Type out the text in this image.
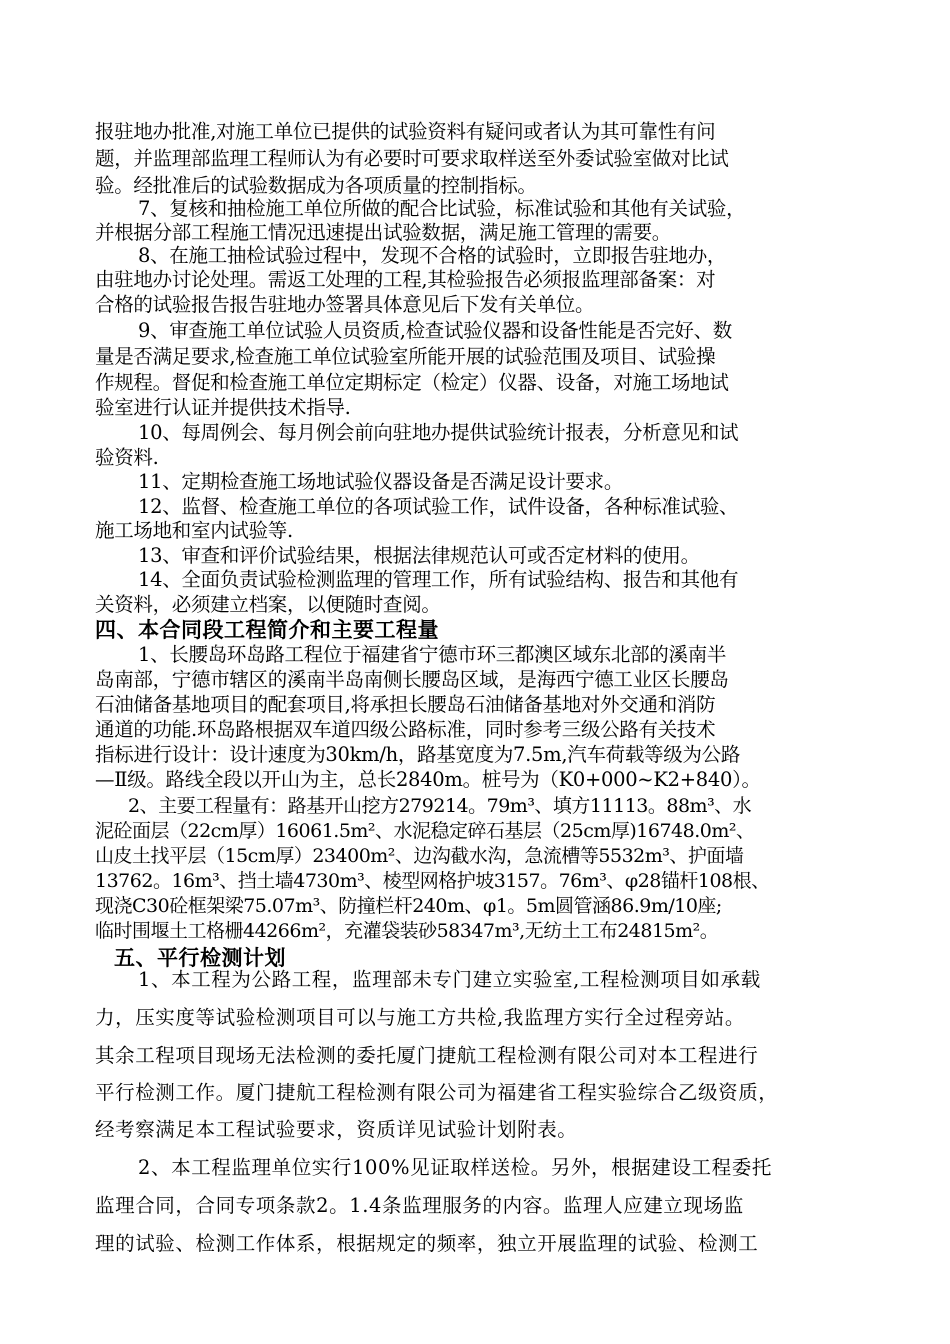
报驻地办批准,对施工单位已提供的试验资料有疑问或者认为其可靠性有问
题，并监理部监理工程师认为有必要时可要求取样送至外委试验室做对比试
验。经批准后的试验数据成为各项质量的控制指标。
7、复核和抽检施工单位所做的配合比试验，标准试验和其他有关试验，
并根据分部工程施工情况迅速提出试验数据，满足施工管理的需要。
8、在施工抽检试验过程中，发现不合格的试验时，立即报告驻地办，
由驻地办讨论处理。需返工处理的工程,其检验报告必须报监理部备案：对
合格的试验报告报告驻地办签署具体意见后下发有关单位。
9、审查施工单位试验人员资质,检查试验仪器和设备性能是否完好、数
量是否满足要求,检查施工单位试验室所能开展的试验范围及项目、试验操
作规程。督促和检查施工单位定期标定（检定）仪器、设备，对施工场地试
验室进行认证并提供技术指导.
10、每周例会、每月例会前向驻地办提供试验统计报表，分析意见和试
验资料.
11、定期检查施工场地试验仪器设备是否满足设计要求。
12、监督、检查施工单位的各项试验工作，试件设备，各种标准试验、
施工场地和室内试验等.
13、审查和评价试验结果，根据法律规范认可或否定材料的使用。
14、全面负责试验检测监理的管理工作，所有试验结构、报告和其他有
关资料，必须建立档案，以便随时查阅。
四、本合同段工程简介和主要工程量
1、长腰岛环岛路工程位于福建省宁德市环三都澳区域东北部的溪南半
岛南部，宁德市辖区的溪南半岛南侧长腰岛区域，是海西宁德工业区长腰岛
石油储备基地项目的配套项目,将承担长腰岛石油储备基地对外交通和消防
通道的功能.环岛路根据双车道四级公路标准，同时参考三级公路有关技术
指标进行设计：设计速度为30km/h，路基宽度为7.5m,汽车荷载等级为公路
—Ⅱ级。路线全段以开山为主，总长2840m。桩号为（K0+000~K2+840）。
2、主要工程量有：路基开山挖方279214。79m³、填方11113。88m³、水
泥砼面层（22cm厚）16061.5m²、水泥稳定碎石基层（25cm厚)16748.0m²、
山皮土找平层（15cm厚）23400m²、边沟截水沟，急流槽等5532m³、护面墙
13762。16m³、挡土墙4730m³、棱型网格护坡3157。76m³、φ28锚杆108根、
现浇C30砼框架梁75.07m³、防撞栏杆240m、φ1。5m圆管涵86.9m/10座;
临时围堰土工格栅44266m²，充灌袋装砂58347m³,无纺土工布24815m²。
五、平行检测计划
1、本工程为公路工程，监理部未专门建立实验室,工程检测项目如承载
力，压实度等试验检测项目可以与施工方共检,我监理方实行全过程旁站。
其余工程项目现场无法检测的委托厦门捷航工程检测有限公司对本工程进行
平行检测工作。厦门捷航工程检测有限公司为福建省工程实验综合乙级资质，
经考察满足本工程试验要求，资质详见试验计划附表。
2、本工程监理单位实行100%见证取样送检。另外，根据建设工程委托
监理合同，合同专项条款2。1.4条监理服务的内容。监理人应建立现场监
理的试验、检测工作体系，根据规定的频率，独立开展监理的试验、检测工
